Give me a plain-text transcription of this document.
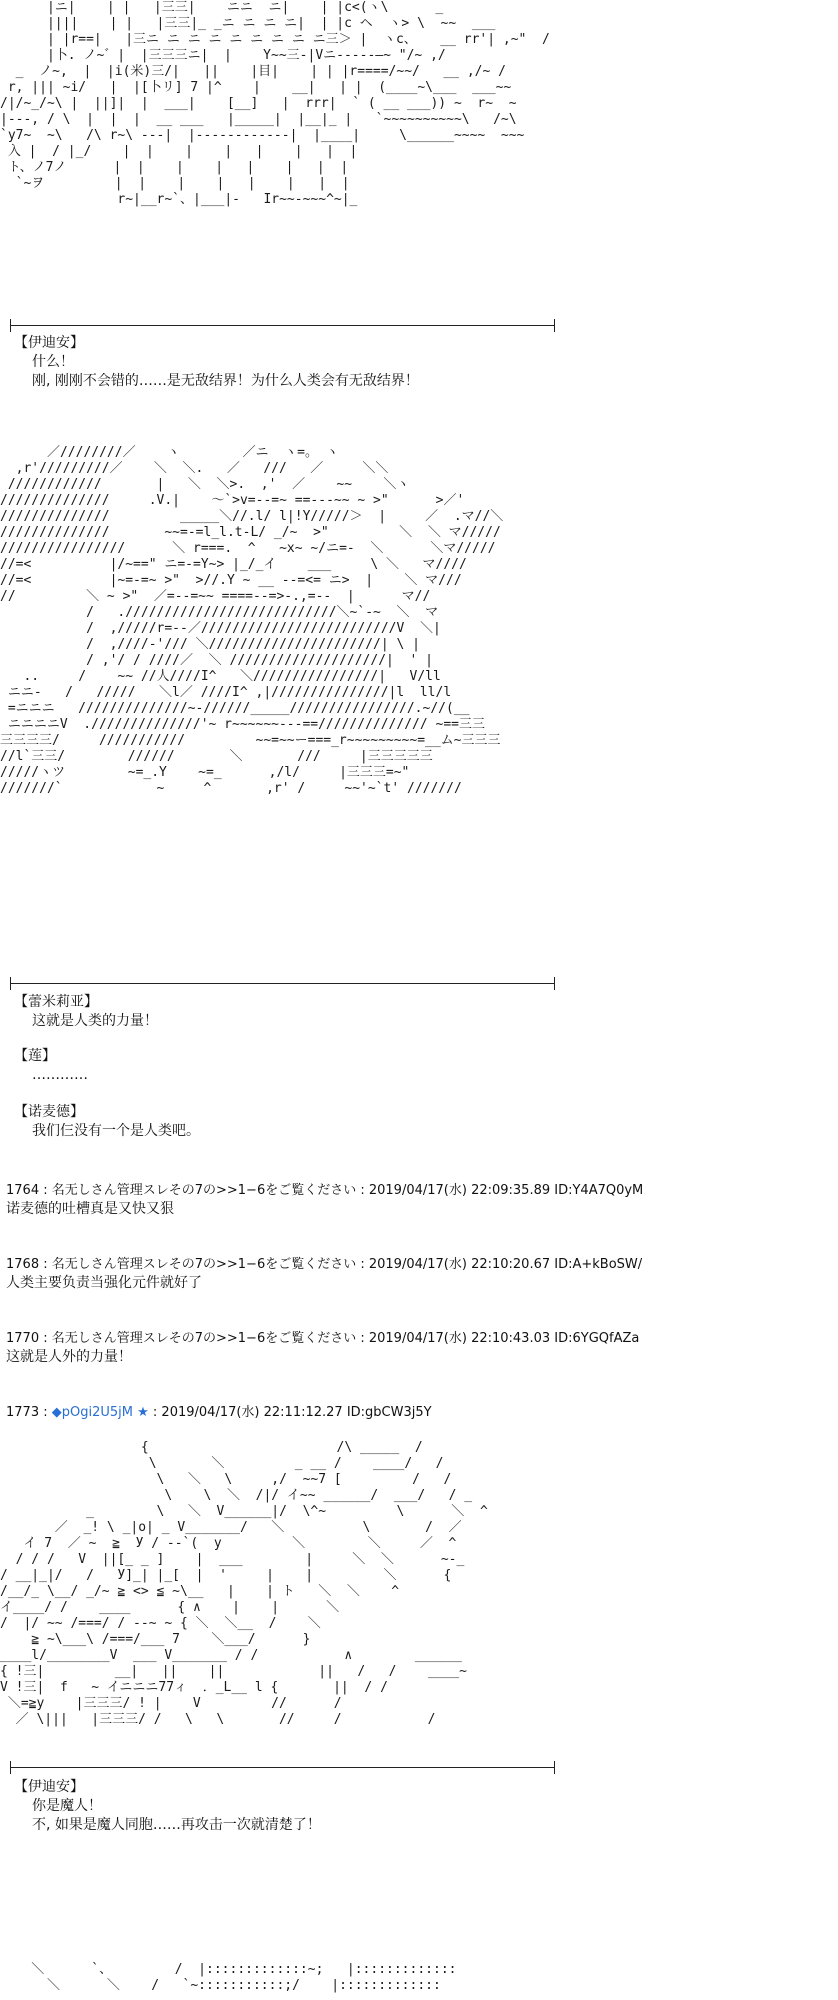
|ニ|    | |   |三三|    ニニ  ニ|    | |c<(ヽ\      _
||||    | |   |三三|_ _ニ ニ ニ ニ|  | |c ヘ  ヽ> \  ~~  ___
| |r==|   |三ニ ニ ニ ニ ニ ニ ニ ニ ニ三＞ |  ヽc、   __ rr'| ,~"  /
|卜. ノ~゛|  |三三三ニ|  |    Y~~三‐|Vニ-----―~ "/~ ,/
_  ノ~,  |  |i(米)三/|   ||    |目|    | | |r====/~~/   __ ,/~ /
r, ||| ~i/   |  |[卜リ] 7 |^    |    __|   | |  (____~\___  ___~~
/|/~_/~\ |  ||]|  |  ___|    [__]   |  rrr|  ` ( __ ___)) ~  r~  ~
|---, / \  |  |  |  __ ___   |_____|  |__|_ |   `~~~~~~~~~~\   /~\
`y7~  ~\   /\ r~\ ---|  |------------|  |____|     \______~~~~  ~~~
入 |  / |_/    |  |    |    |   |    |   |  |
ト、ノ7ノ      |  |    |    |   |    |   |  |
`~ヲ         |  |    |    |   |    |   |  |
r~|__r~`、|___|-   Ir~~-~~~^~|_

【伊迪安】
什么！
刚, 刚刚不会错的……是无敌结界！为什么人类会有无敌结界！
／////////／    ヽ        ／ニ  ヽ=。 ヽ
,r'/////////／    ＼  ＼.   ／   ///   ／     ＼＼
////////////       |   ＼  ＼>.  ,'  ／    ~~    ＼ヽ
//////////////     .V.|    ～`>v=--=~ ==---~~ ~ >"      >／'
//////////////         _____＼//.l/ l|!Y/////＞  |     ／  .マ//＼
//////////////       ~~=-=l_l.t-L/ _/~  >"         ＼  ＼ マ/////
////////////////      ＼ r===.  ^   ~x~ ~/ニ=-  ＼      ＼マ/////
//=<          |/~==" ニ=-=Y~> |_/_イ    ___     \ ＼   マ////
//=<          |~=-=~ >"  >//.Y ~ __ --=<= ニ>  |    ＼ マ///
//         ＼ ~ >"  ／=--=~~ ====--=>-.,=--  |      マ//
/   .///////////////////////////＼~`-~  ＼  マ
/  ,/////r=--／/////////////////////////V  ＼|
/  ,////‐'/// ＼//////////////////////| \ |
/ ,'/ / ////／  ＼ ////////////////////|  ' |
..     /    ~~ //人////I^   ＼////////////////|   V/ll
ニニ-   /   /////   ＼l／ ////I^ ,|///////////////|l  ll/l
=ニニニ   //////////////~-//////_____////////////////.~//(__
ニニニニV  .//////////////'~ r~~~~~~---==////////////// ~==三三
三三三三/     ///////////         ~~=~~ー===_r~~~~~~~~~=__ム~三三三
//l`三三/        //////       ＼       ///     |三三三三三
/////ヽツ        ~=_.Y    ~=_      ,/l/     |三三三=~"
///////`            ~     ^       ,r' /     ~~'~`t' ///////

【蕾米莉亚】
这就是人类的力量！
【莲】
…………
【诺麦德】
我们仨没有一个是人类吧。
1764 : 名无しさん管理スレその7の>>1−6をご覧ください : 2019/04/17(水) 22:09:35.89 ID:Y4A7Q0yM
诺麦德的吐槽真是又快又狠
1768 : 名无しさん管理スレその7の>>1−6をご覧ください : 2019/04/17(水) 22:10:20.67 ID:A+kBoSW/
人类主要负责当强化元件就好了
1770 : 名无しさん管理スレその7の>>1−6をご覧ください : 2019/04/17(水) 22:10:43.03 ID:6YGQfAZa
这就是人外的力量！
1773 : ◆pOgi2U5jM ★ : 2019/04/17(水) 22:11:12.27 ID:gbCW3j5Y
{                        /\ _____  /
\       ＼         _ __ /    ____/   /
\   ＼   \     ,/  ~~7 [         /   /
\    \  ＼  /|/ イ~~ ______/  ___/   / _
_        \   ＼  V______|/  \^~         \      ＼  ^
／  _! \ _|o| _ V_______/   ＼          \       /  ／
イ 7  ／ ~  ≧  У / --`(  у         ＼        ＼     ／  ^
/ / /   V  ||[_ _ ]    |  ___        |     ＼  ＼      ~-_
/ __|_|/   /   У]_| |_[  |  '     |    |         ＼      {
/__/_ \__/ _/~ ≧ <> ≦ ~\__   |    | ト   ＼  ＼    ^
イ____/ /    ____      { ∧    |    |      ＼
/  |/ ~~ /===/ / --~ ~ { ＼  ＼__  /    ＼
≧ ~\___\ /===/___ 7    ＼___/      }
____l/________V  ___ V_______ / /           ∧        ______
{ !三|         __|   ||    ||            ||   /   /    ____~
V !三|  f   ~ イニニニ77ィ  ．_L__ l {       ||  / /
＼=≧y    |三三三/ ! |    V         //      /
／ \|||   |三三三/ /   \   \       //     /           /

【伊迪安】
你是魔人！
不, 如果是魔人同胞……再攻击一次就清楚了！
＼      `、        /  |:::::::::::::~;   |:::::::::::::
＼      ＼    /   `~:::::::::::;/    |:::::::::::::
